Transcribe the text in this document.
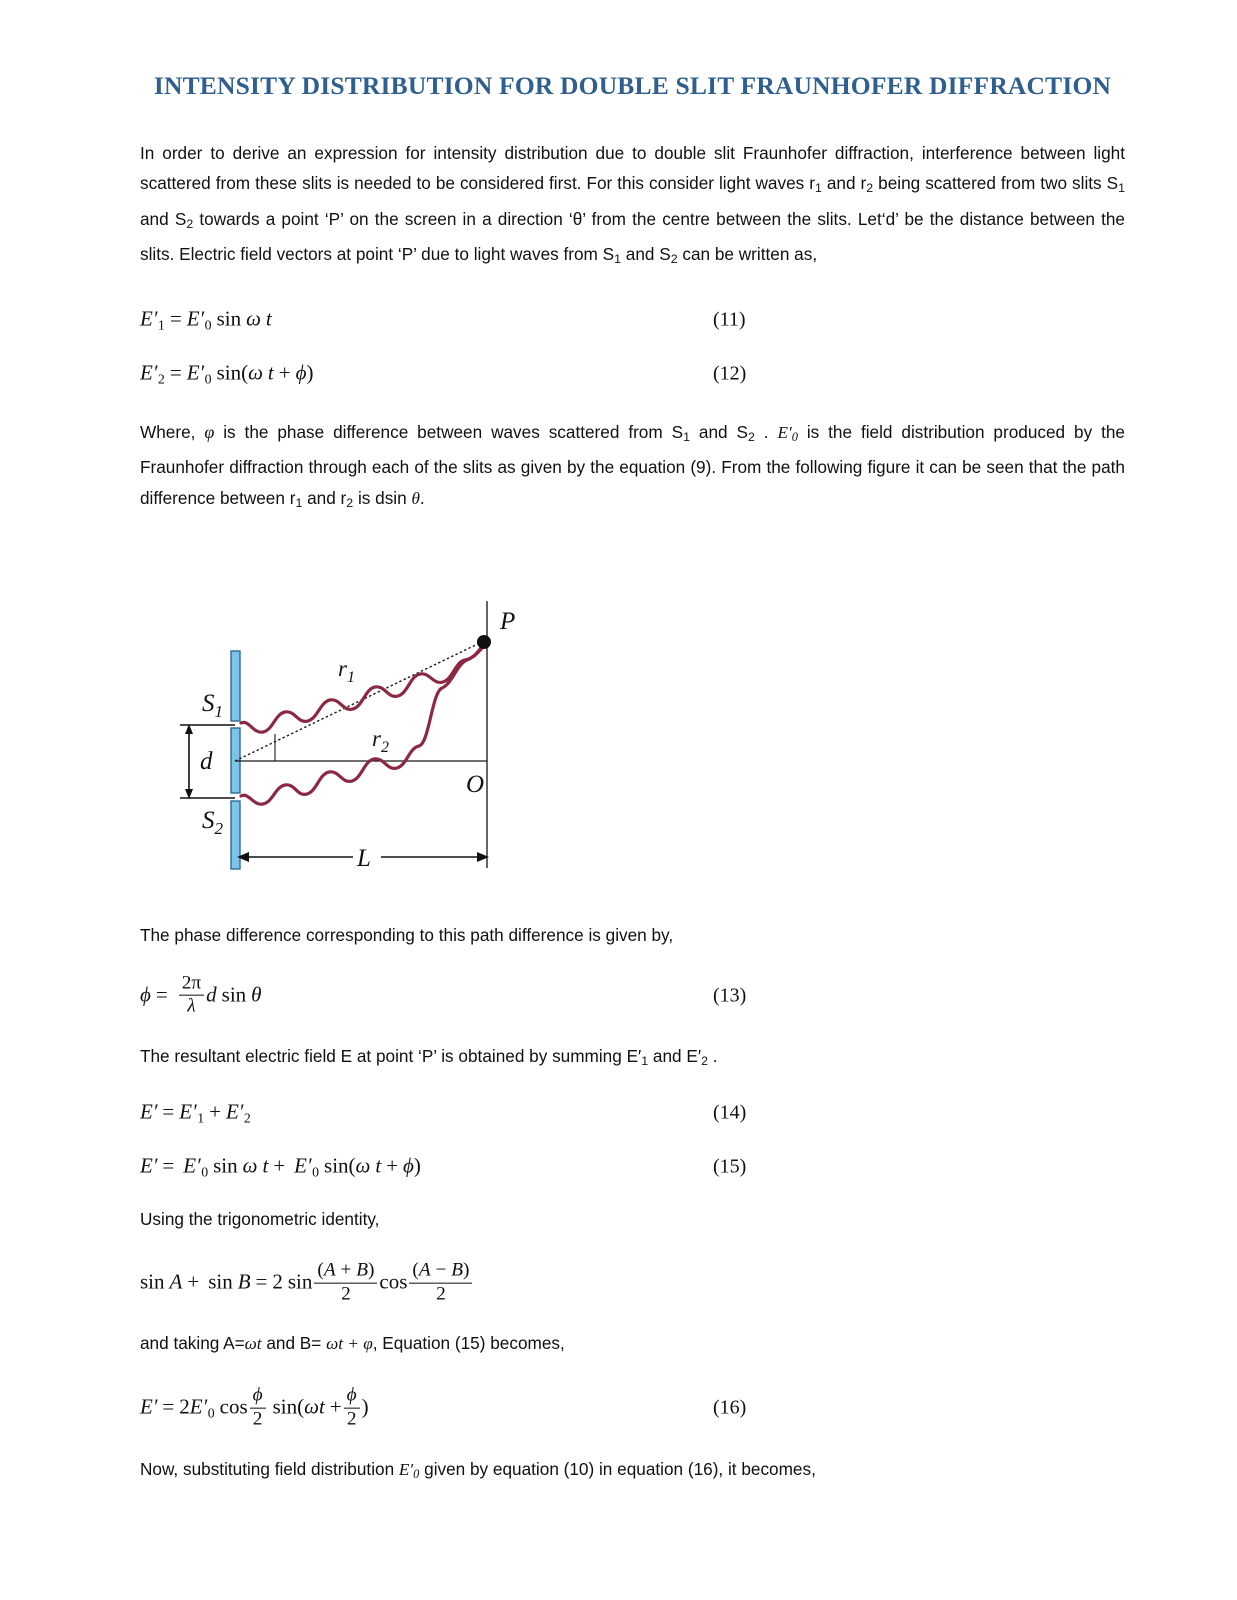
INTENSITY DISTRIBUTION FOR DOUBLE SLIT FRAUNHOFER DIFFRACTION

In order to derive an expression for intensity distribution due to double slit Fraunhofer diffraction, interference between light scattered from these slits is needed to be considered first. For this consider light waves $r_1$ and $r_2$ being scattered from two slits $S_1$ and $S_2$ towards a point ‘P’ on the screen in a direction ‘θ’ from the centre between the slits. Let‘d’ be the distance between the slits. Electric field vectors at point ‘P’ due to light waves from $S_1$ and $S_2$ can be written as,

$E'_1 = E'_0$ sin ω t	(11)
$E'_2 = E'_0$ sin(ω t + ϕ)	(12)

Where, φ is the phase difference between waves scattered from $S_1$ and $S_2$ . $E'_0$ is the field distribution produced by the Fraunhofer diffraction through each of the slits as given by the equation (9). From the following figure it can be seen that the path difference between $r_1$ and $r_2$ is dsin θ.

$S_1$
$S_2$
d
$r_1$
$r_2$
L
O
P

The phase difference corresponding to this path difference is given by,

$\phi = \frac{2\pi}{\lambda}$ d sin θ	(13)

The resultant electric field E at point ‘P’ is obtained by summing $E'_1$ and $E'_2$ .

$E' = E'_1 + E'_2$	(14)
$E' = E'_0$ sin ω $t + E'_0$ sin(ω t + ϕ)	(15)

Using the trigonometric identity,

sin A + sin B = 2 $\sin \frac{(A + B)}{2}$ $\cos \frac{(A - B)}{2}$

and taking A=ωt and B= ωt + φ, Equation (15) becomes,

$E' = 2E'_0$ $\cos \frac{\phi}{2} \sin(\omega t + \frac{\phi}{2}$ )	(16)

Now, substituting field distribution $E'_0$ given by equation (10) in equation (16), it becomes,
